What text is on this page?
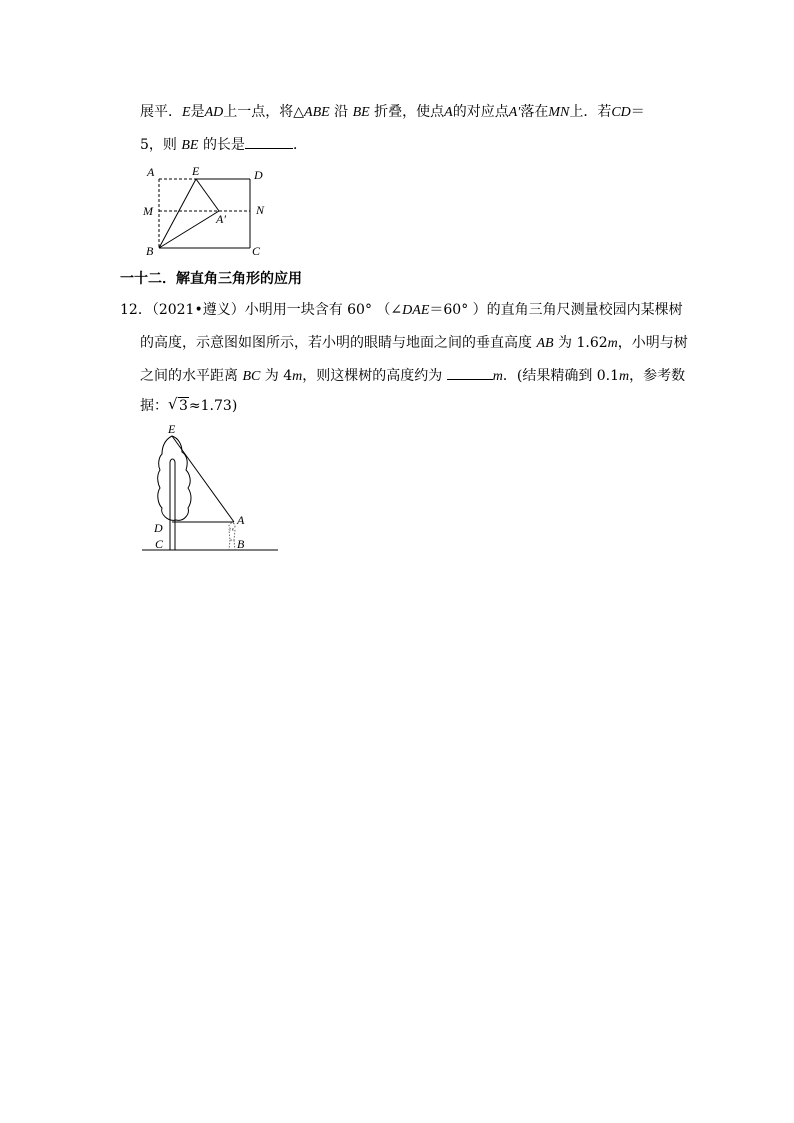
展平．E是AD上一点，将△ABE 沿 BE 折叠，使点A的对应点A′落在MN上．若CD＝
5，则 BE 的长是	．
A	E	D
M	N
A′
B	C
一十二．解直角三角形的应用
12．（2021•遵义）小明用一块含有 60° （∠DAE＝60° ）的直角三角尺测量校园内某棵树
的高度，示意图如图所示，若小明的眼睛与地面之间的垂直高度 AB 为 1.62m，小明与树
之间的水平距离 BC 为 4m，则这棵树的高度约为	m．(结果精确到 0.1m，参考数
据： √ 3≈1.73)
E
D
A
C	B
